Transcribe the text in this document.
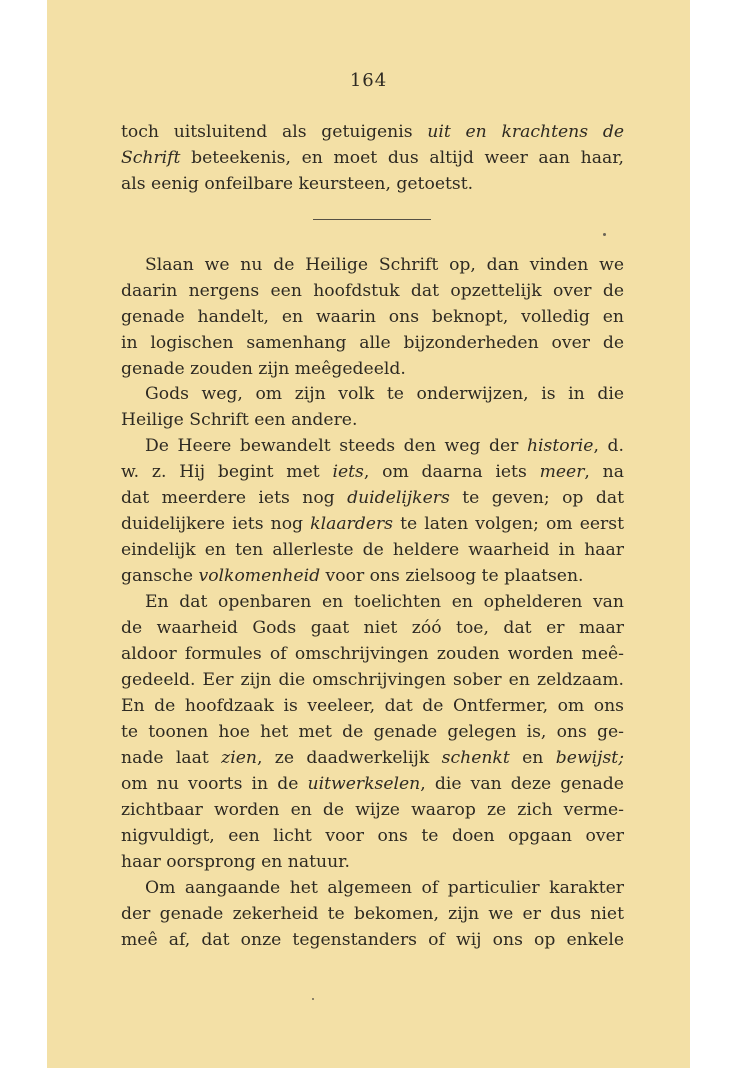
164
toch uitsluitend als getuigenis uit en krachtens de
Schrift beteekenis, en moet dus altijd weer aan haar,
als eenig onfeilbare keursteen, getoetst.
Slaan we nu de Heilige Schrift op, dan vinden we
daarin nergens een hoofdstuk dat opzettelijk over de
genade handelt, en waarin ons beknopt, volledig en
in logischen samenhang alle bijzonderheden over de
genade zouden zijn meêgedeeld.
Gods weg, om zijn volk te onderwijzen, is in die
Heilige Schrift een andere.
De Heere bewandelt steeds den weg der historie, d.
w. z. Hij begint met iets, om daarna iets meer, na
dat meerdere iets nog duidelijkers te geven; op dat
duidelijkere iets nog klaarders te laten volgen; om eerst
eindelijk en ten allerleste de heldere waarheid in haar
gansche volkomenheid voor ons zielsoog te plaatsen.
En dat openbaren en toelichten en ophelderen van
de waarheid Gods gaat niet zóó toe, dat er maar
aldoor formules of omschrijvingen zouden worden meê-
gedeeld. Eer zijn die omschrijvingen sober en zeldzaam.
En de hoofdzaak is veeleer, dat de Ontfermer, om ons
te toonen hoe het met de genade gelegen is, ons ge-
nade laat zien, ze daadwerkelijk schenkt en bewijst;
om nu voorts in de uitwerkselen, die van deze genade
zichtbaar worden en de wijze waarop ze zich verme-
nigvuldigt, een licht voor ons te doen opgaan over
haar oorsprong en natuur.
Om aangaande het algemeen of particulier karakter
der genade zekerheid te bekomen, zijn we er dus niet
meê af, dat onze tegenstanders of wij ons op enkele
